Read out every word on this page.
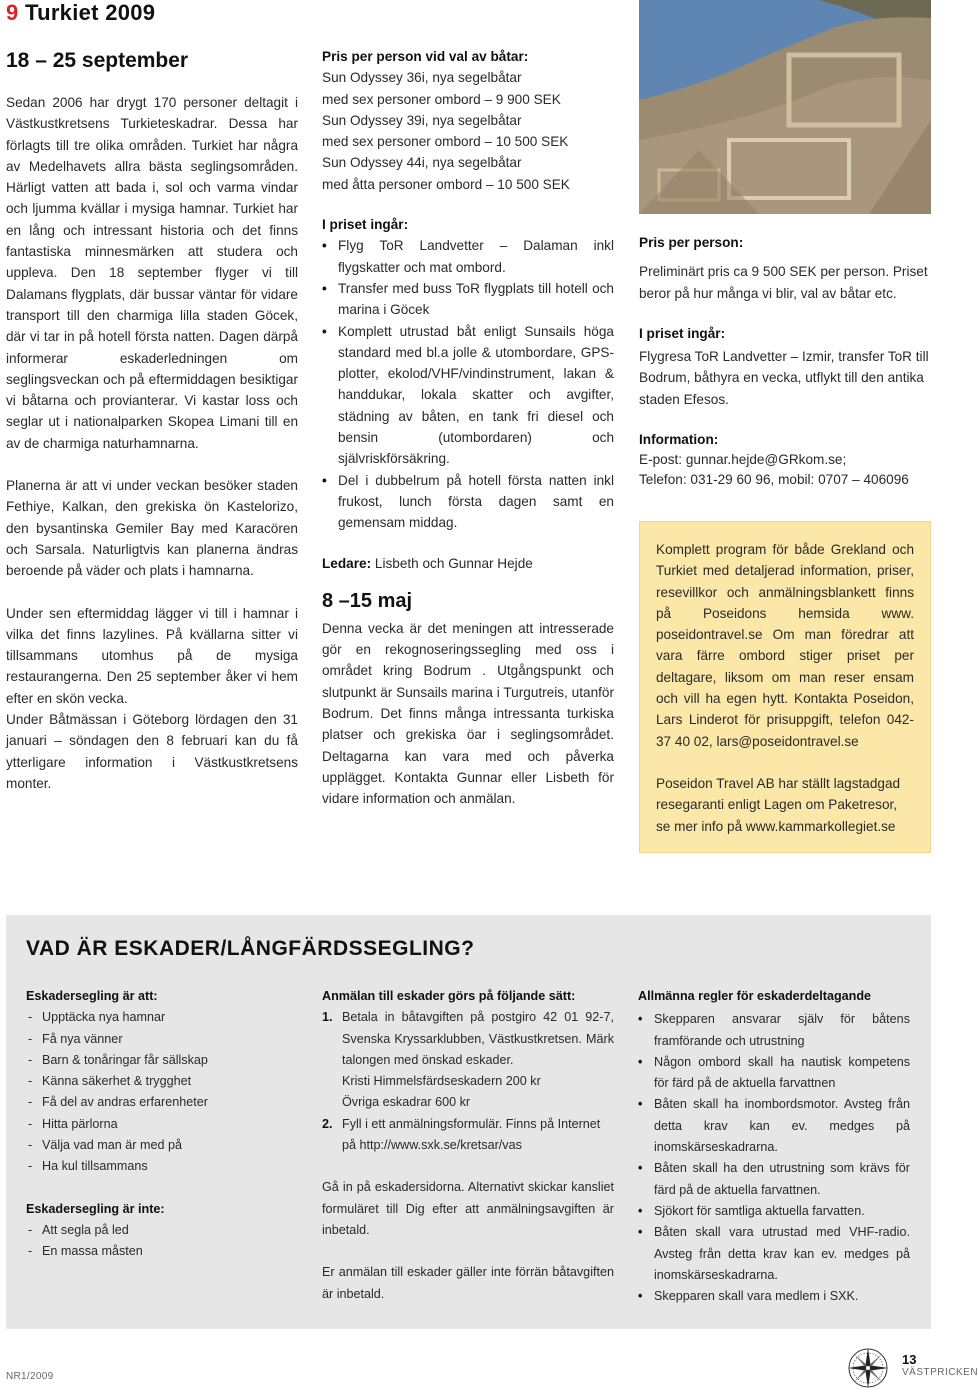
9 Turkiet 2009
18 – 25 september

Sedan 2006 har drygt 170 personer deltagit i Västkustkretsens Turkieteskadrar. Dessa har förlagts till tre olika områden. Turkiet har några av Medelhavets allra bästa seglingsområden. Härligt vatten att bada i, sol och varma vindar och ljumma kvällar i mysiga hamnar. Turkiet har en lång och intressant historia och det finns fantastiska minnesmärken att studera och uppleva. Den 18 september flyger vi till Dalamans flygplats, där bussar väntar för vidare transport till den charmiga lilla staden Göcek, där vi tar in på hotell första natten. Dagen därpå informerar eskaderledningen om seglingsveckan och på eftermiddagen besiktigar vi båtarna och provianterar. Vi kastar loss och seglar ut i nationalparken Skopea Limani till en av de charmiga naturhamnarna.

Planerna är att vi under veckan besöker staden Fethiye, Kalkan, den grekiska ön Kastelorizo, den bysantinska Gemiler Bay med Karacören och Sarsala. Naturligtvis kan planerna ändras beroende på väder och plats i hamnarna.

Under sen eftermiddag lägger vi till i hamnar i vilka det finns lazylines. På kvällarna sitter vi tillsammans utomhus på de mysiga restaurangerna. Den 25 september åker vi hem efter en skön vecka.

Under Båtmässan i Göteborg lördagen den 31 januari – söndagen den 8 februari kan du få ytterligare information i Västkustkretsens monter.

Pris per person vid val av båtar:
Sun Odyssey 36i, nya segelbåtar
med sex personer ombord – 9 900 SEK
Sun Odyssey 39i, nya segelbåtar
med sex personer ombord – 10 500 SEK
Sun Odyssey 44i, nya segelbåtar
med åtta personer ombord – 10 500 SEK
I priset ingår:
• Flyg ToR Landvetter – Dalaman inkl flygskatter och mat ombord.
• Transfer med buss ToR flygplats till hotell och marina i Göcek
• Komplett utrustad båt enligt Sunsails höga standard med bl.a jolle & utombordare, GPS-plotter, ekolod/VHF/vindinstrument, lakan & handdukar, lokala skatter och avgifter, städning av båten, en tank fri diesel och bensin (utombordaren) och självriskförsäkring.
• Del i dubbelrum på hotell första natten inkl frukost, lunch första dagen samt en gemensam middag.
Ledare: Lisbeth och Gunnar Hejde
8 –15 maj

Denna vecka är det meningen att intresserade gör en rekognoseringssegling med oss i området kring Bodrum . Utgångspunkt och slutpunkt är Sunsails marina i Turgutreis, utanför Bodrum. Det finns många intressanta turkiska platser och grekiska öar i seglingsområdet. Deltagarna kan vara med och påverka upplägget. Kontakta Gunnar eller Lisbeth för vidare information och anmälan.

Pris per person:
Preliminärt pris ca 9 500 SEK per person. Priset beror på hur många vi blir, val av båtar etc.
I priset ingår:
Flygresa ToR Landvetter – Izmir, transfer ToR till Bodrum, båthyra en vecka, utflykt till den antika staden Efesos.
Information:
E-post: gunnar.hejde@GRkom.se;
Telefon: 031-29 60 96, mobil: 0707 – 406096

Komplett program för både Grekland och Turkiet med detaljerad information, priser, resevillkor och anmälningsblankett finns på Poseidons hemsida www. poseidontravel.se Om man föredrar att vara färre ombord stiger priset per deltagare, liksom om man reser ensam och vill ha egen hytt. Kontakta Poseidon, Lars Linderot för prisuppgift, telefon 042-37 40 02, lars@poseidontravel.se

Poseidon Travel AB har ställt lagstadgad resegaranti enligt Lagen om Paketresor, se mer info på www.kammarkollegiet.se

VAD ÄR ESKADER/LÅNGFÄRDSSEGLING?
Eskadersegling är att:
- Upptäcka nya hamnar
- Få nya vänner
- Barn & tonåringar får sällskap
- Känna säkerhet & trygghet
- Få del av andras erfarenheter
- Hitta pärlorna
- Välja vad man är med på
- Ha kul tillsammans
Eskadersegling är inte:
- Att segla på led
- En massa måsten
Anmälan till eskader görs på följande sätt:
1. Betala in båtavgiften på postgiro 42 01 92-7, Svenska Kryssarklubben, Västkustkretsen. Märk talongen med önskad eskader.
Kristi Himmelsfärdseskadern 200 kr
Övriga eskadrar 600 kr
2. Fyll i ett anmälningsformulär. Finns på Internet på http://www.sxk.se/kretsar/vas
Gå in på eskadersidorna. Alternativt skickar kansliet formuläret till Dig efter att anmälningsavgiften är inbetald.
Er anmälan till eskader gäller inte förrän båtavgiften är inbetald.
Allmänna regler för eskaderdeltagande
• Skepparen ansvarar själv för båtens framförande och utrustning
• Någon ombord skall ha nautisk kompetens för färd på de aktuella farvattnen
• Båten skall ha inombordsmotor. Avsteg från detta krav kan ev. medges på inomskärseskadrarna.
• Båten skall ha den utrustning som krävs för färd på de aktuella farvattnen.
• Sjökort för samtliga aktuella farvatten.
• Båten skall vara utrustad med VHF-radio. Avsteg från detta krav kan ev. medges på inomskärseskadrarna.
• Skepparen skall vara medlem i SXK.
NR1/2009
13
VÄSTPRICKEN
